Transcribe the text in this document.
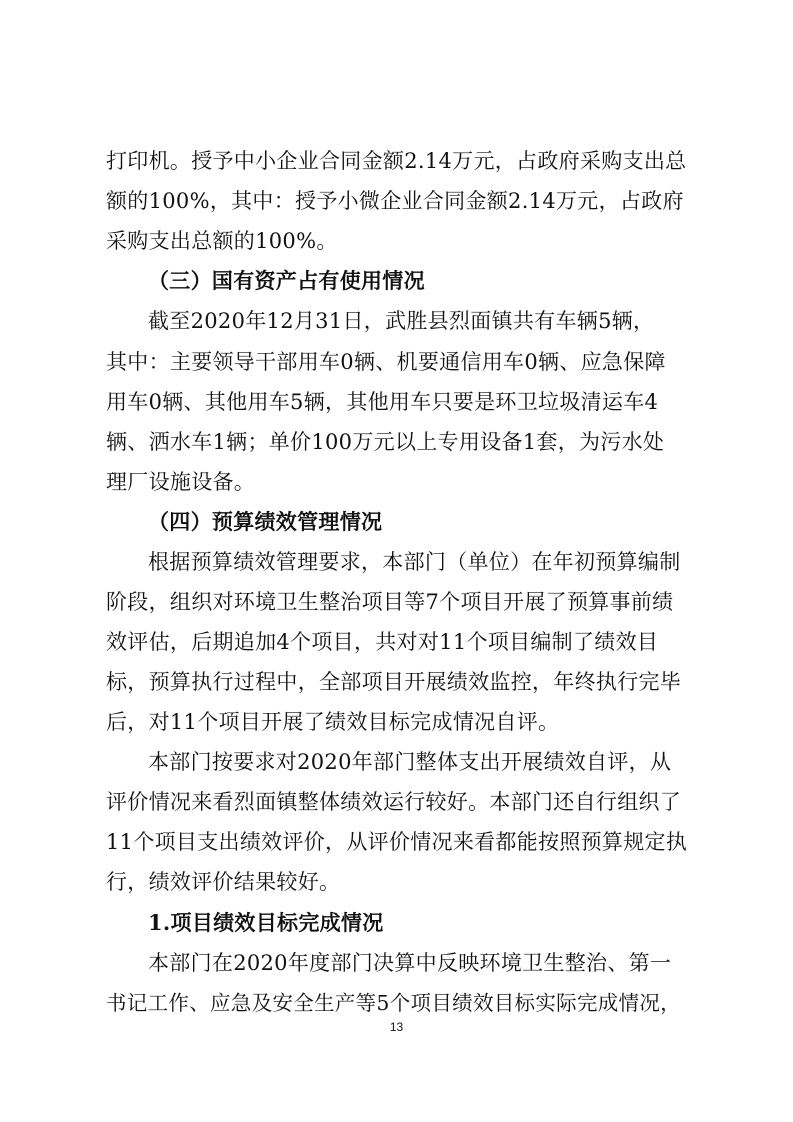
打印机。授予中小企业合同金额2.14万元，占政府采购支出总
额的100%，其中：授予小微企业合同金额2.14万元，占政府
采购支出总额的100%。
（三）国有资产占有使用情况
截至2020年12月31日，武胜县烈面镇共有车辆5辆，
其中：主要领导干部用车0辆、机要通信用车0辆、应急保障
用车0辆、其他用车5辆，其他用车只要是环卫垃圾清运车4
辆、洒水车1辆；单价100万元以上专用设备1套，为污水处
理厂设施设备。
（四）预算绩效管理情况
根据预算绩效管理要求，本部门（单位）在年初预算编制
阶段，组织对环境卫生整治项目等7个项目开展了预算事前绩
效评估，后期追加4个项目，共对对11个项目编制了绩效目
标，预算执行过程中，全部项目开展绩效监控，年终执行完毕
后，对11个项目开展了绩效目标完成情况自评。
本部门按要求对2020年部门整体支出开展绩效自评，从
评价情况来看烈面镇整体绩效运行较好。本部门还自行组织了
11个项目支出绩效评价，从评价情况来看都能按照预算规定执
行，绩效评价结果较好。
1.项目绩效目标完成情况
本部门在2020年度部门决算中反映环境卫生整治、第一
书记工作、应急及安全生产等5个项目绩效目标实际完成情况，
13
